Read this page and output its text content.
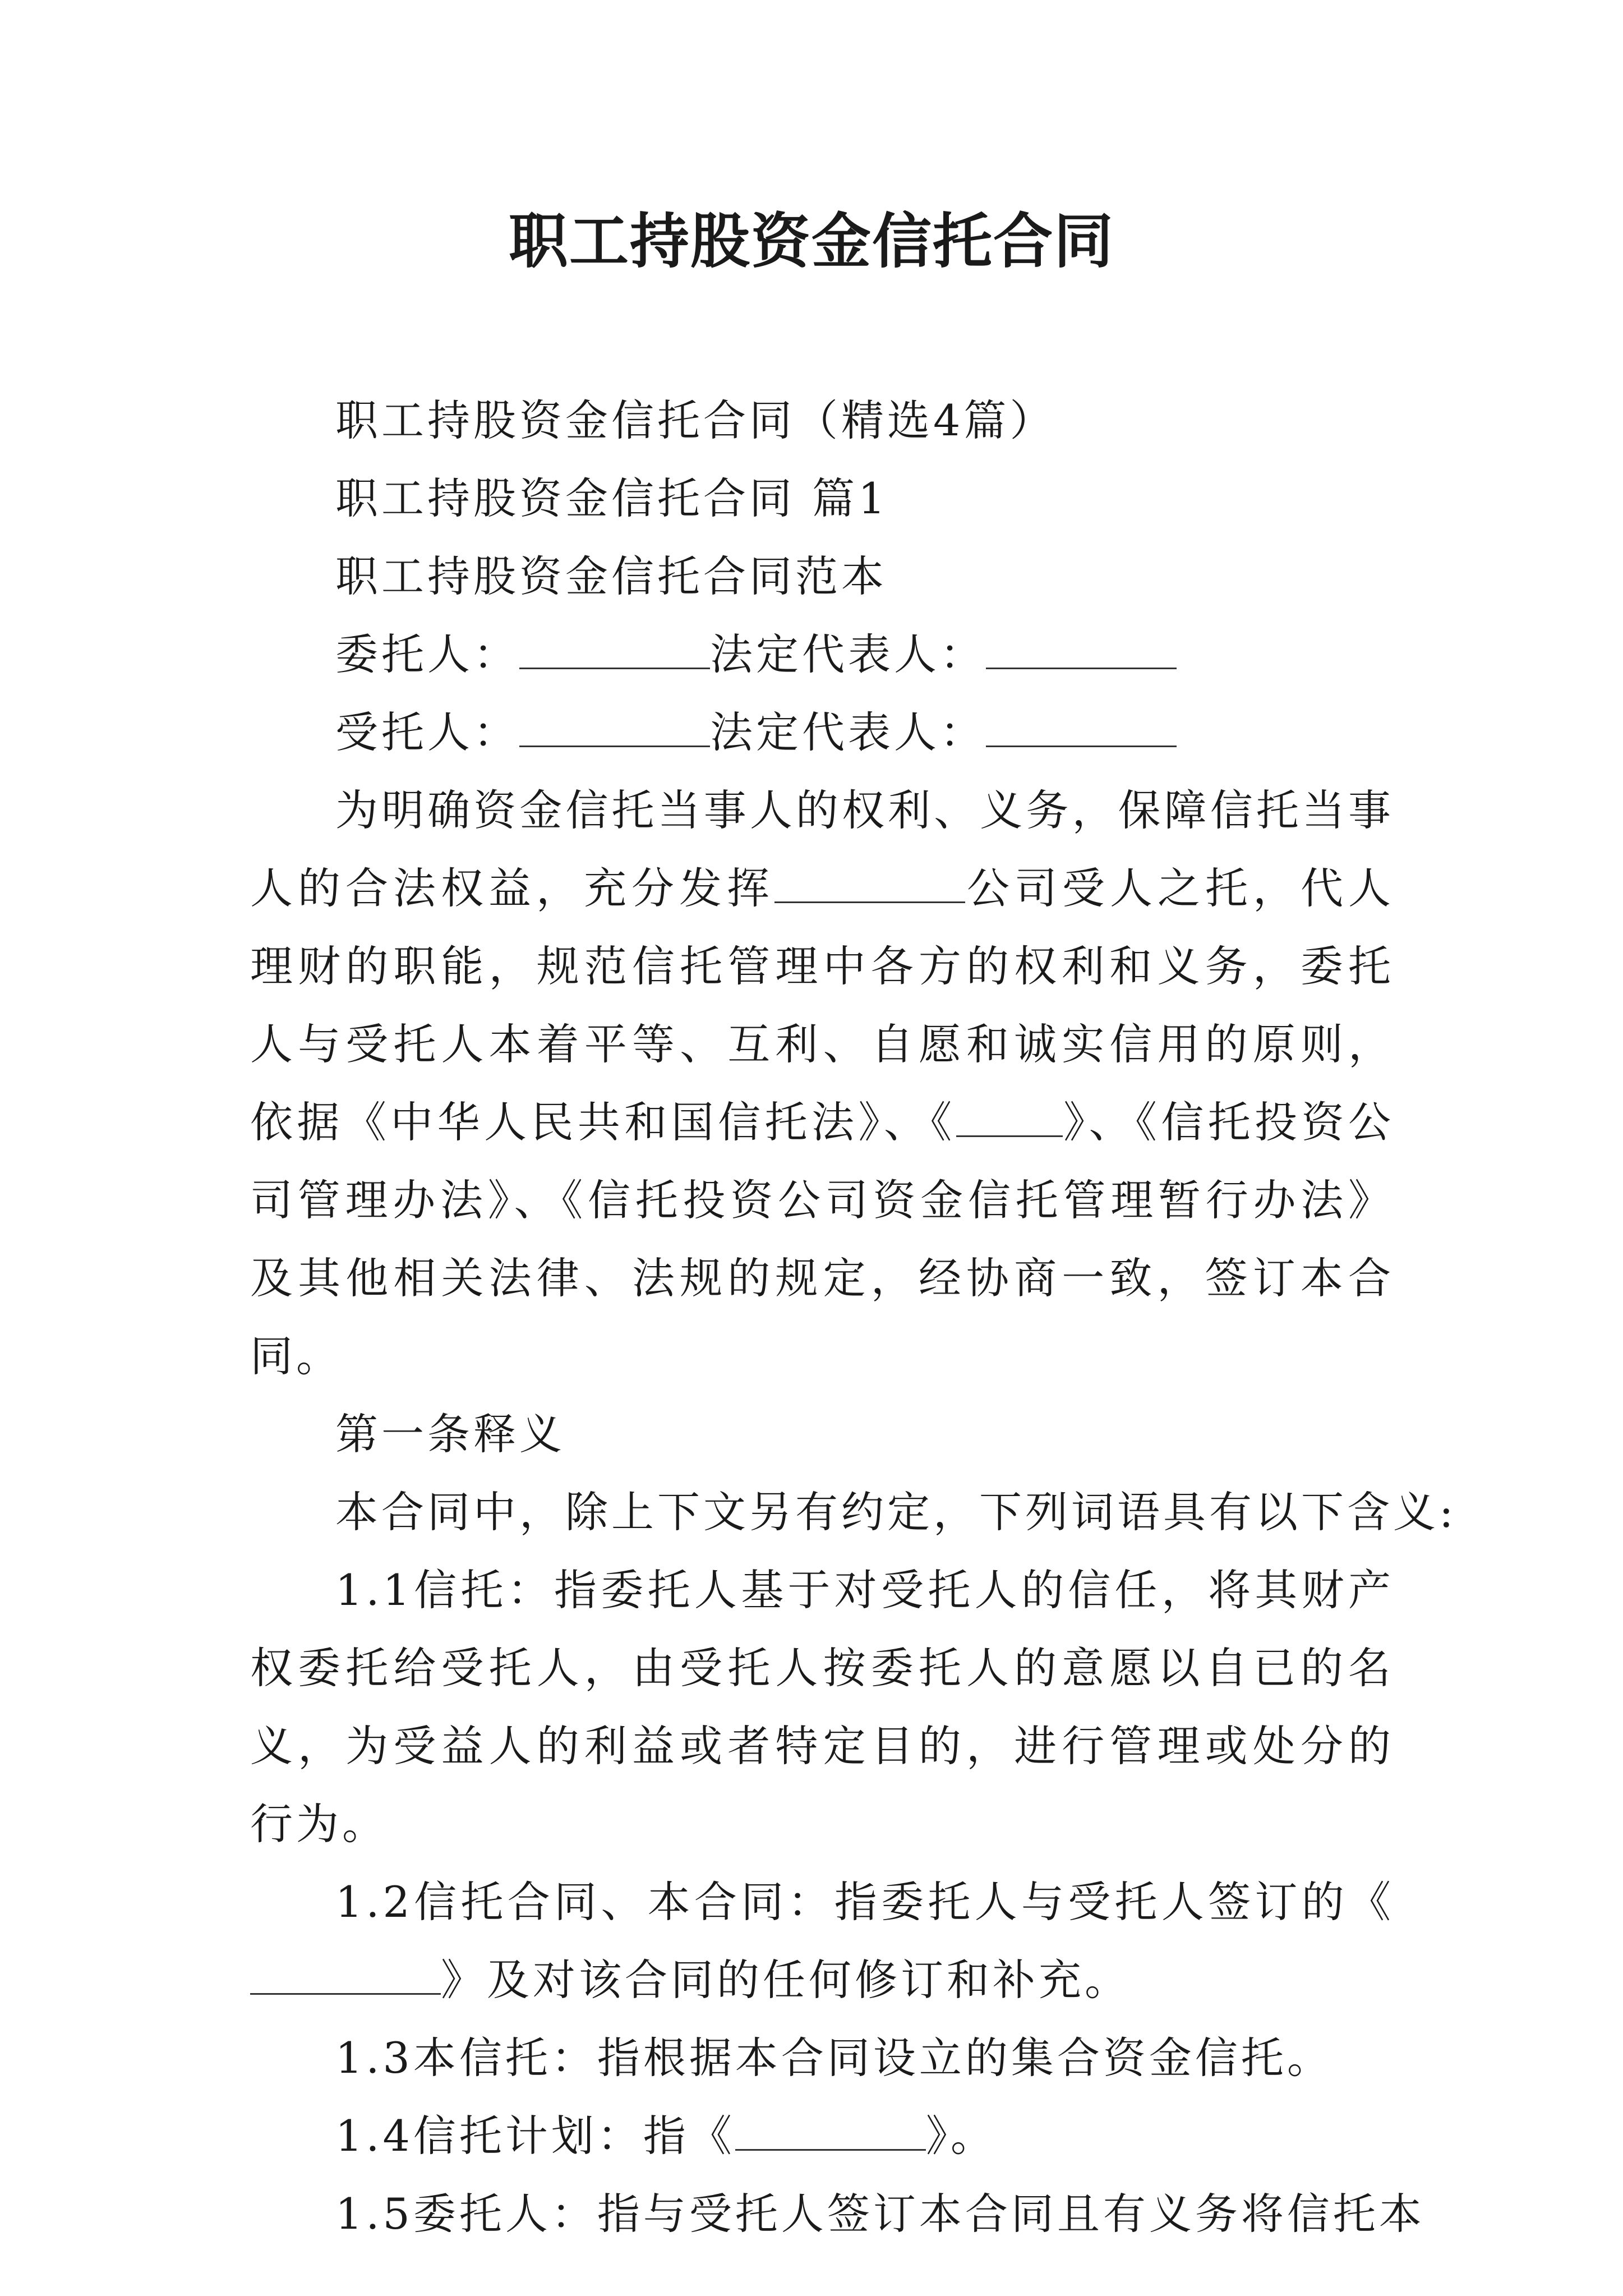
职工持股资金信托合同

职工持股资金信托合同（精选4篇）

职工持股资金信托合同 篇1

职工持股资金信托合同范本

委托人：	法定代表人：

受托人：	法定代表人：

为明确资金信托当事人的权利、义务，保障信托当事人的合法权益，充分发挥	公司受人之托，代人理财的职能，规范信托管理中各方的权利和义务，委托人与受托人本着平等、互利、自愿和诚实信用的原则，依据《中华人民共和国信托法》、《	》、《信托投资公司管理办法》、《信托投资公司资金信托管理暂行办法》及其他相关法律、法规的规定，经协商一致，签订本合同。

第一条释义

本合同中，除上下文另有约定，下列词语具有以下含义:

1.1信托：指委托人基于对受托人的信任，将其财产权委托给受托人，由受托人按委托人的意愿以自已的名义，为受益人的利益或者特定目的，进行管理或处分的行为。

1.2信托合同、本合同：指委托人与受托人签订的《》及对该合同的任何修订和补充。

1.3本信托：指根据本合同设立的集合资金信托。

1.4信托计划：指《	》。

1.5委托人：指与受托人签订本合同且有义务将信托本
